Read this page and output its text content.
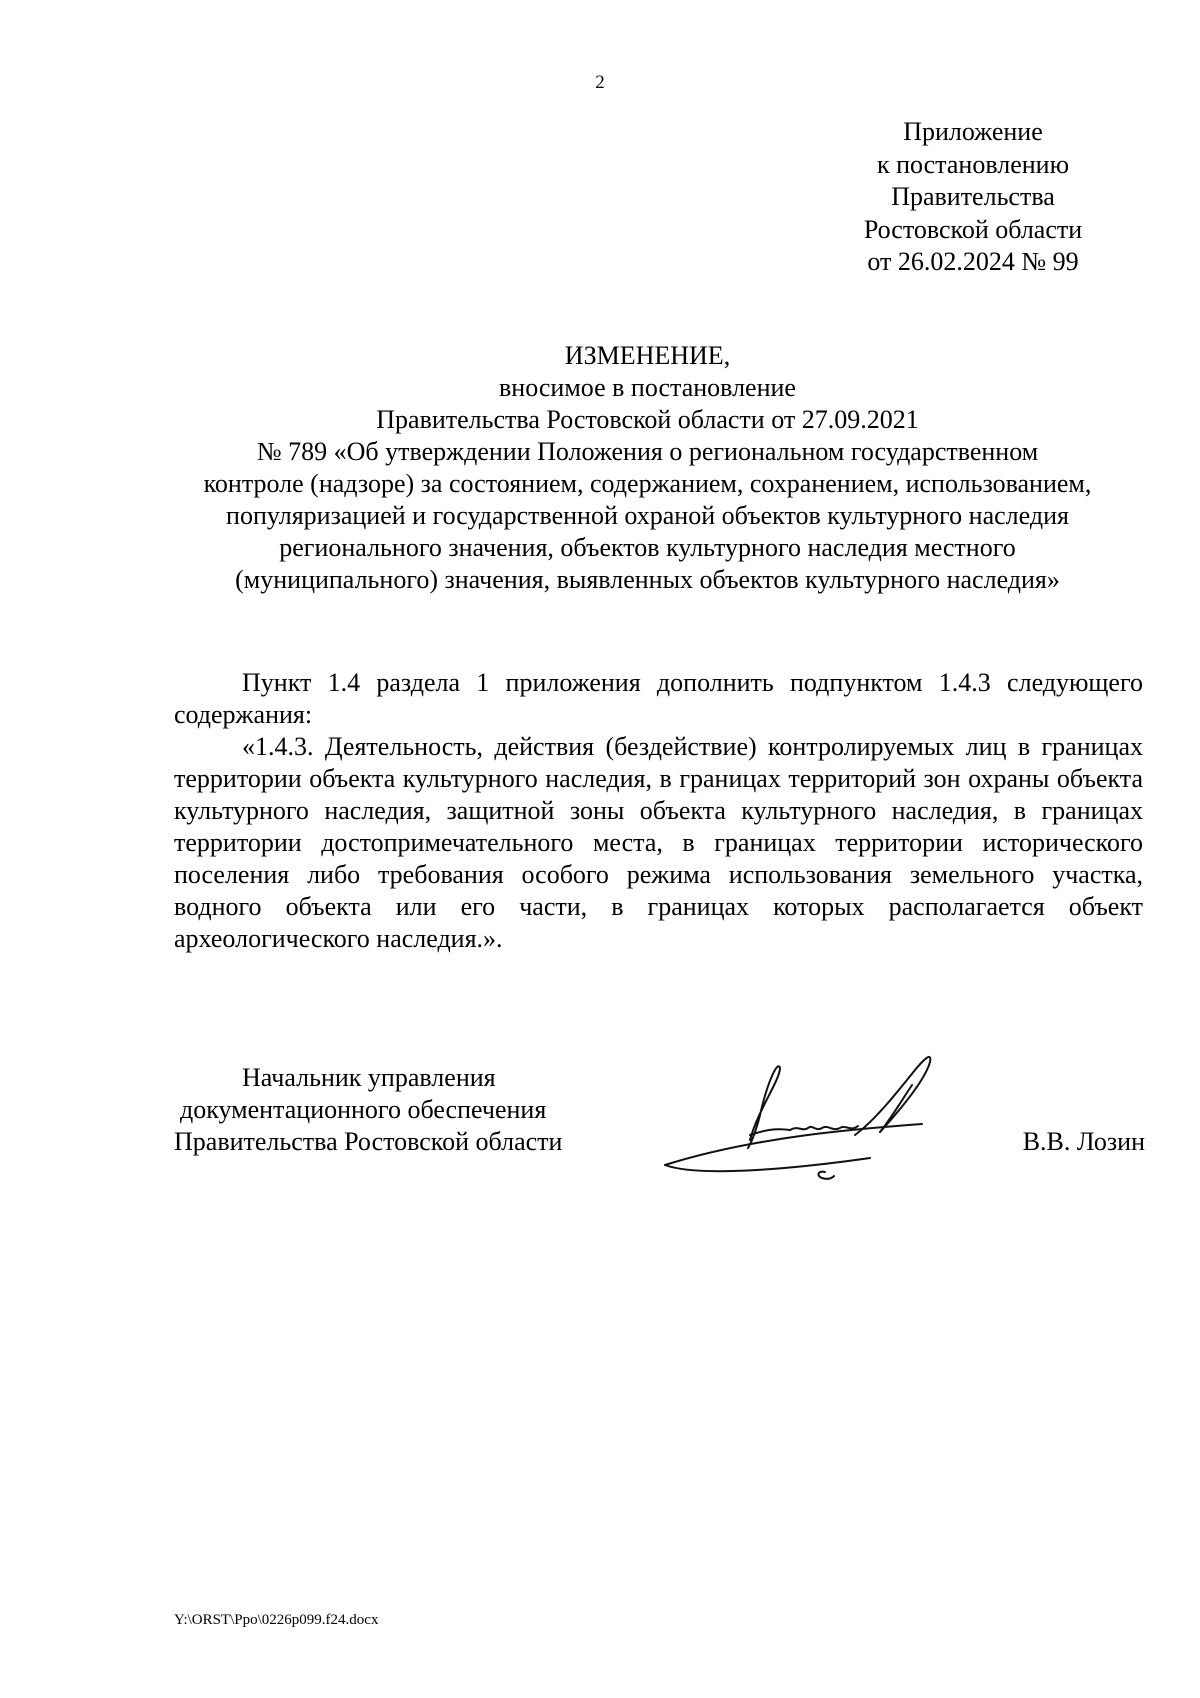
2
Приложение
к постановлению
Правительства
Ростовской области
от 26.02.2024 № 99
ИЗМЕНЕНИЕ,
вносимое в постановление
Правительства Ростовской области от 27.09.2021
№ 789 «Об утверждении Положения о региональном государственном
контроле (надзоре) за состоянием, содержанием, сохранением, использованием,
популяризацией и государственной охраной объектов культурного наследия
регионального значения, объектов культурного наследия местного
(муниципального) значения, выявленных объектов культурного наследия»

Пункт 1.4 раздела 1 приложения дополнить подпунктом 1.4.3 следующего содержания:

«1.4.3. Деятельность, действия (бездействие) контролируемых лиц в границах территории объекта культурного наследия, в границах территорий зон охраны объекта культурного наследия, защитной зоны объекта культурного наследия, в границах территории достопримечательного места, в границах территории исторического поселения либо требования особого режима использования земельного участка, водного объекта или его части, в границах которых располагается объект археологического наследия.».

Начальник управления
документационного обеспечения
Правительства Ростовской области	В.В. Лозин
Y:\ORST\Ppo\0226p099.f24.docx
